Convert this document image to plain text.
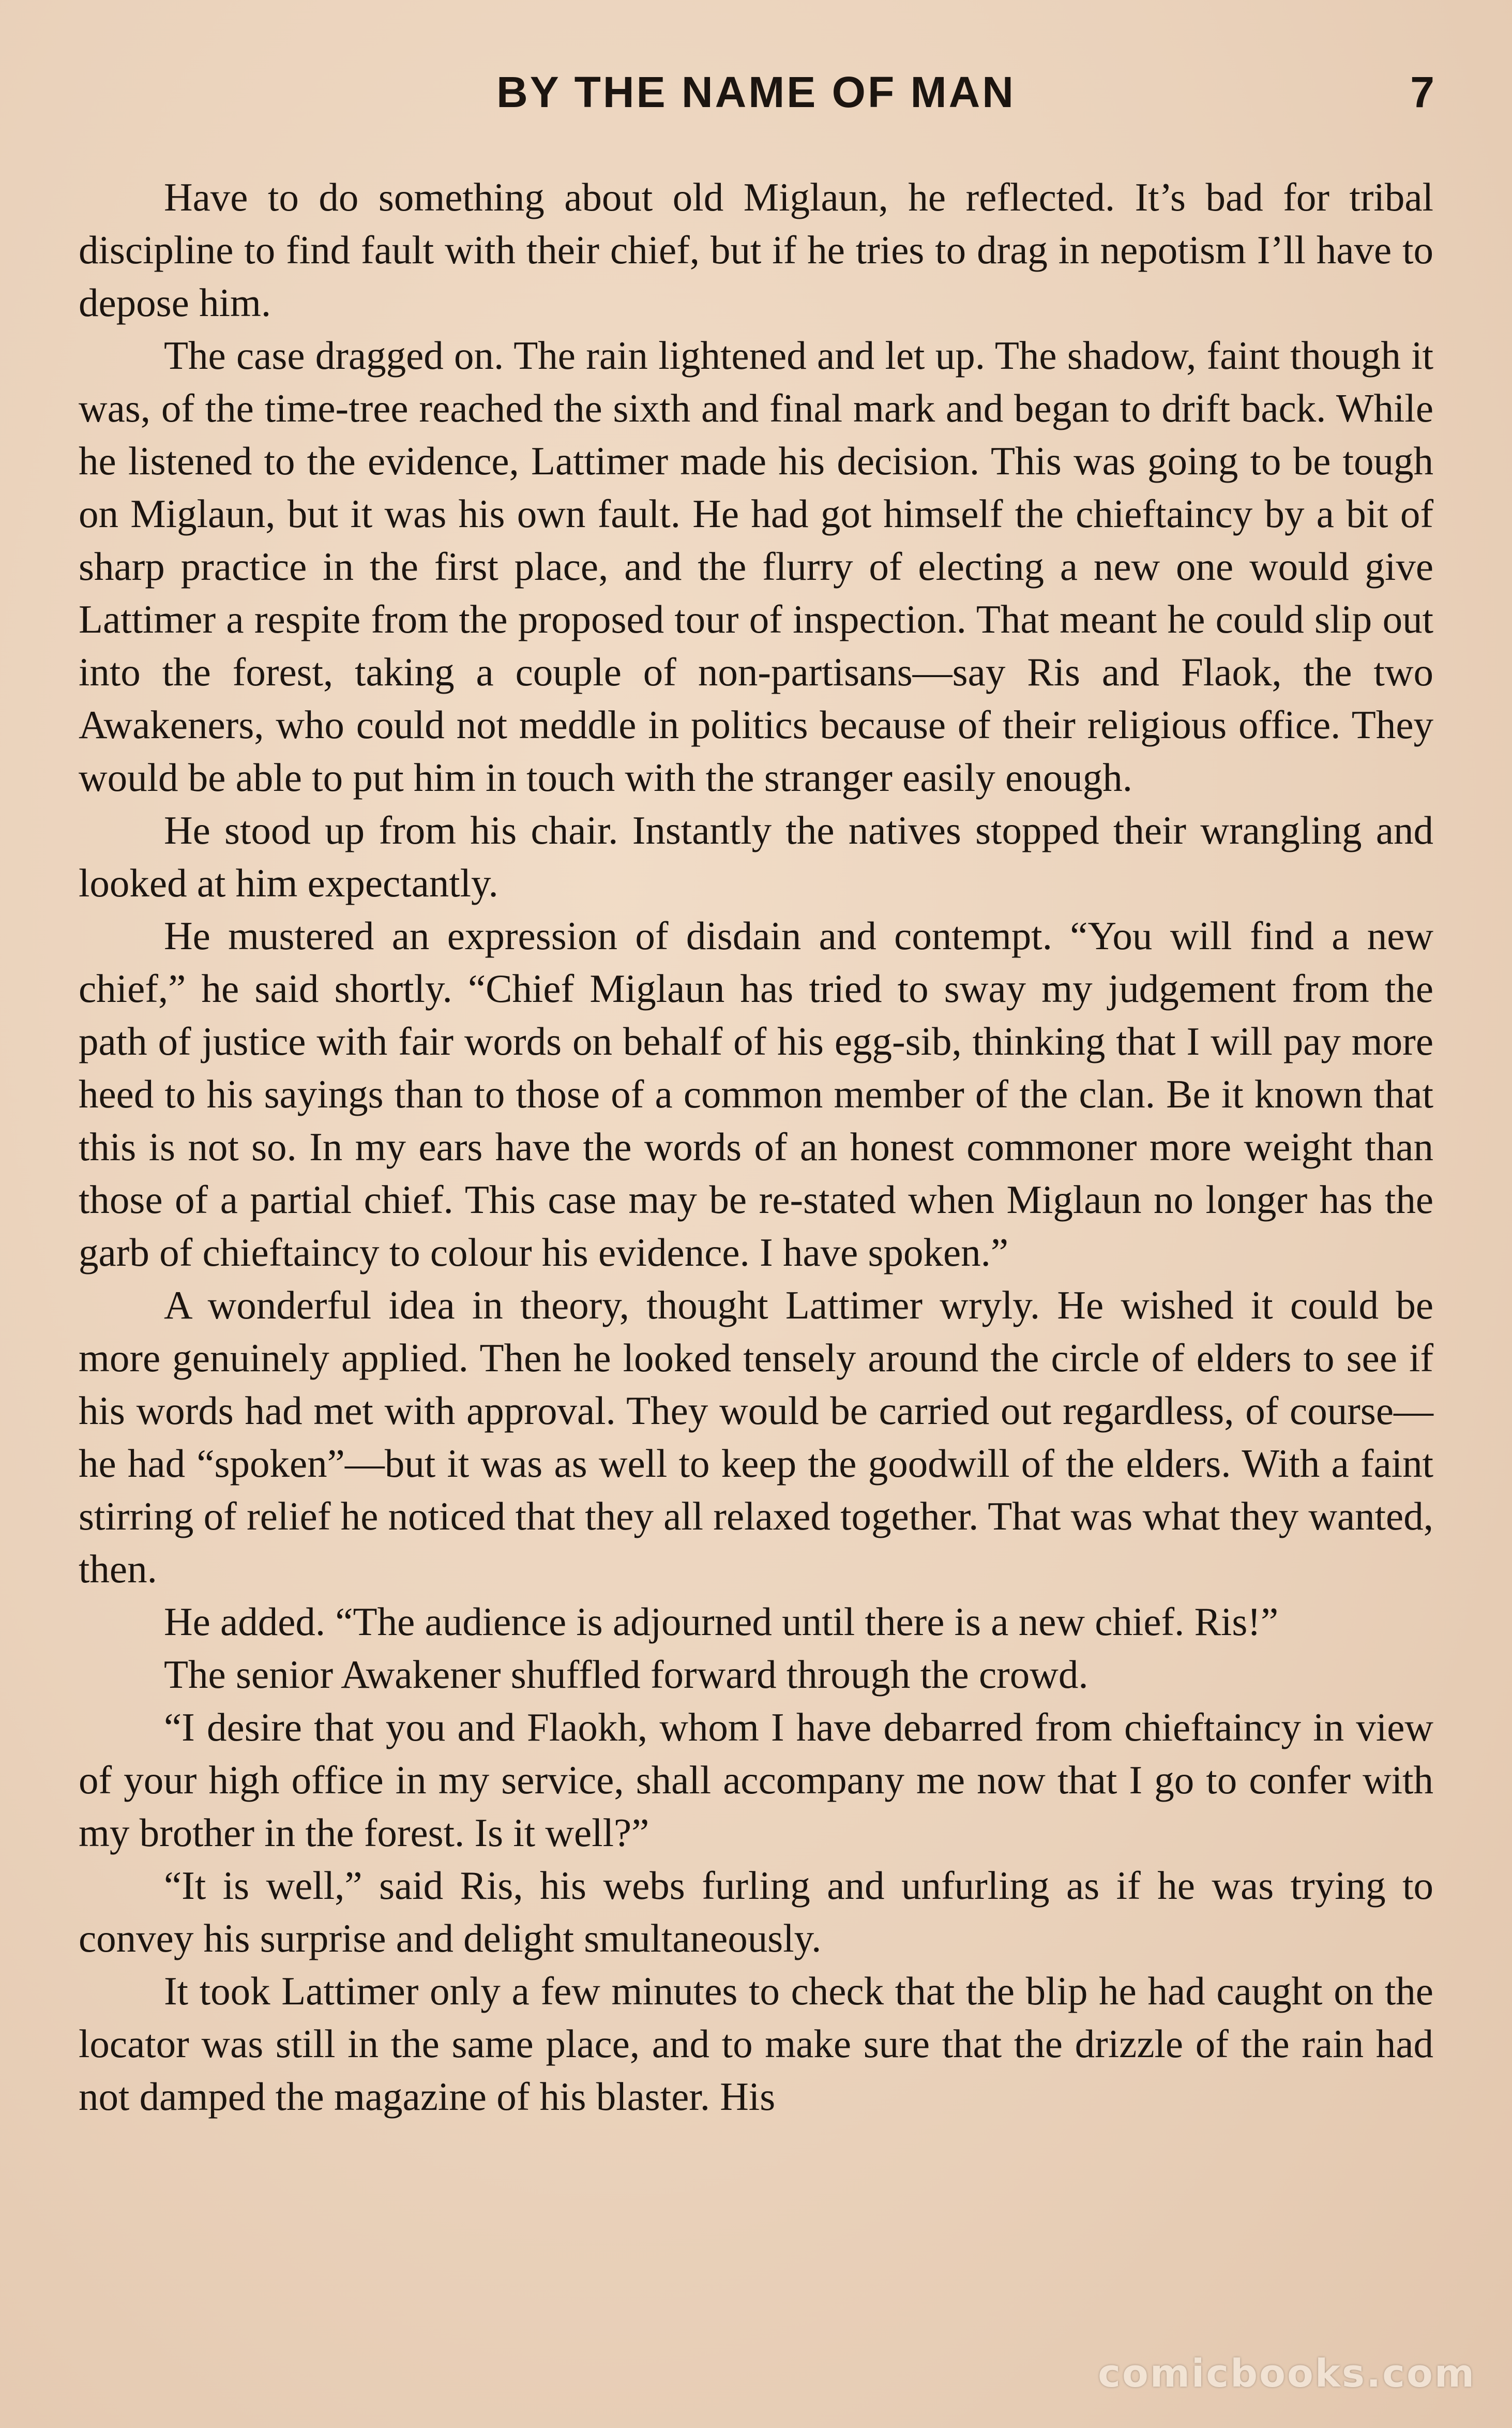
BY THE NAME OF MAN	7

Have to do something about old Miglaun, he reflected. It’s bad for tribal discipline to find fault with their chief, but if he tries to drag in nepotism I’ll have to depose him.

The case dragged on. The rain lightened and let up. The shadow, faint though it was, of the time-tree reached the sixth and final mark and began to drift back. While he listened to the evidence, Lattimer made his decision. This was going to be tough on Miglaun, but it was his own fault. He had got himself the chieftaincy by a bit of sharp practice in the first place, and the flurry of electing a new one would give Lattimer a respite from the proposed tour of inspection. That meant he could slip out into the forest, taking a couple of non-partisans—say Ris and Flaok, the two Awakeners, who could not meddle in politics because of their religious office. They would be able to put him in touch with the stranger easily enough.

He stood up from his chair. Instantly the natives stopped their wrangling and looked at him expectantly.

He mustered an expression of disdain and contempt. “You will find a new chief,” he said shortly. “Chief Miglaun has tried to sway my judgement from the path of justice with fair words on behalf of his egg-sib, thinking that I will pay more heed to his sayings than to those of a common member of the clan. Be it known that this is not so. In my ears have the words of an honest commoner more weight than those of a partial chief. This case may be re-stated when Miglaun no longer has the garb of chieftaincy to colour his evidence. I have spoken.”

A wonderful idea in theory, thought Lattimer wryly. He wished it could be more genuinely applied. Then he looked tensely around the circle of elders to see if his words had met with approval. They would be carried out regardless, of course—he had “spoken”—but it was as well to keep the goodwill of the elders. With a faint stirring of relief he noticed that they all relaxed together. That was what they wanted, then.

He added. “The audience is adjourned until there is a new chief. Ris!”

The senior Awakener shuffled forward through the crowd.

“I desire that you and Flaokh, whom I have debarred from chieftaincy in view of your high office in my service, shall accompany me now that I go to confer with my brother in the forest. Is it well?”

“It is well,” said Ris, his webs furling and unfurling as if he was trying to convey his surprise and delight smultaneously.

It took Lattimer only a few minutes to check that the blip he had caught on the locator was still in the same place, and to make sure that the drizzle of the rain had not damped the magazine of his blaster. His

comicbooks.com
